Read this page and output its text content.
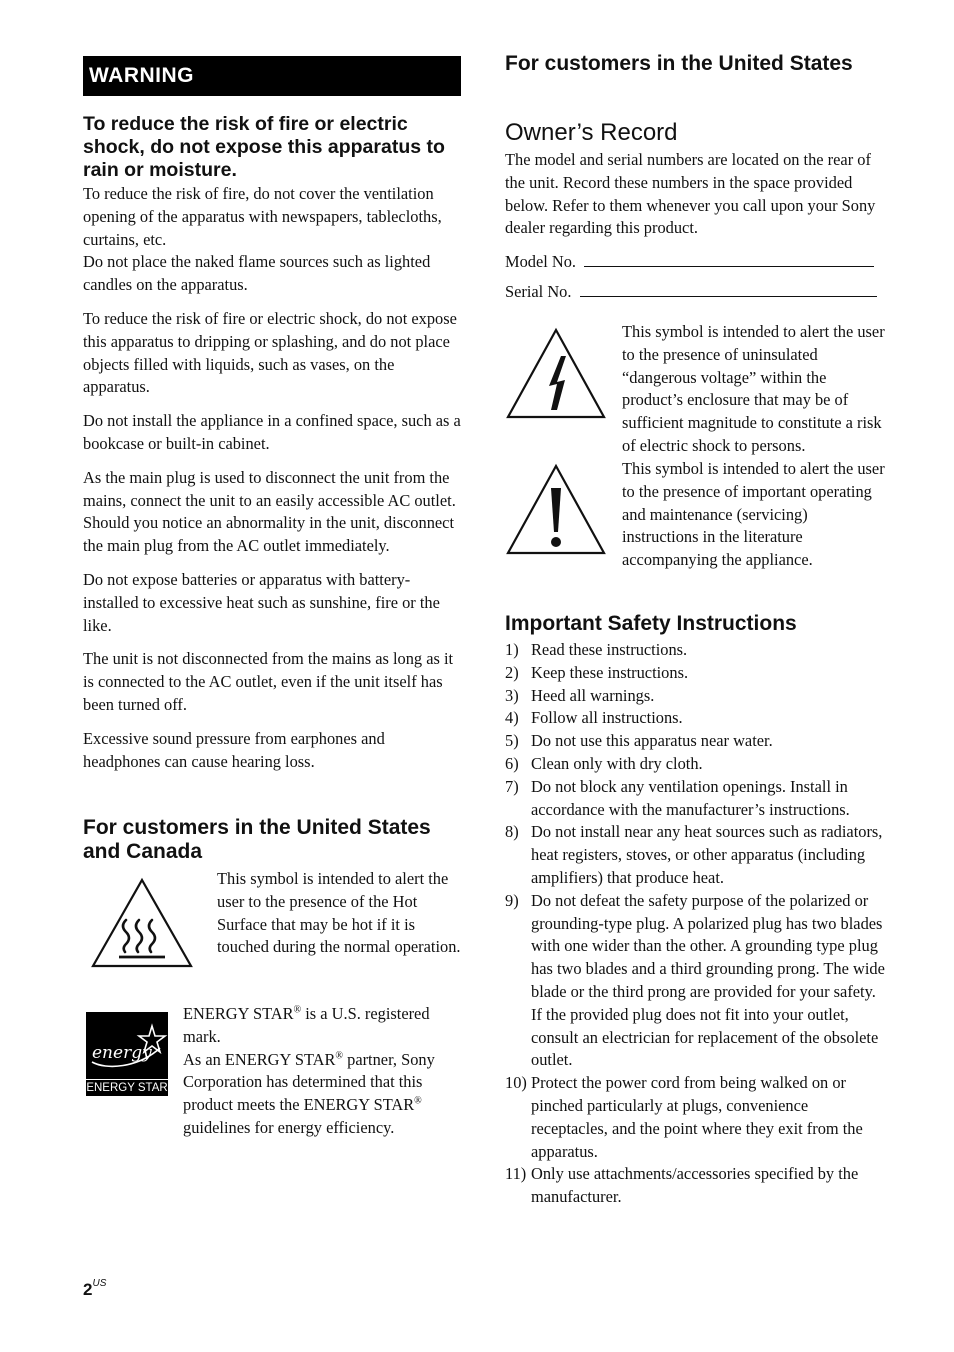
WARNING

To reduce the risk of fire or electric shock, do not expose this apparatus to rain or moisture.

To reduce the risk of fire, do not cover the ventilation opening of the apparatus with newspapers, tablecloths, curtains, etc.

Do not place the naked flame sources such as lighted candles on the apparatus.

To reduce the risk of fire or electric shock, do not expose this apparatus to dripping or splashing, and do not place objects filled with liquids, such as vases, on the apparatus.

Do not install the appliance in a confined space, such as a bookcase or built-in cabinet.

As the main plug is used to disconnect the unit from the mains, connect the unit to an easily accessible AC outlet. Should you notice an abnormality in the unit, disconnect the main plug from the AC outlet immediately.

Do not expose batteries or apparatus with battery-installed to excessive heat such as sunshine, fire or the like.

The unit is not disconnected from the mains as long as it is connected to the AC outlet, even if the unit itself has been turned off.

Excessive sound pressure from earphones and headphones can cause hearing loss.

For customers in the United States and Canada

This symbol is intended to alert the user to the presence of the Hot Surface that may be hot if it is touched during the normal operation.

energy
ENERGY STAR

ENERGY STAR® is a U.S. registered mark.

As an ENERGY STAR® partner, Sony Corporation has determined that this product meets the ENERGY STAR® guidelines for energy efficiency.

$2^{US}$

For customers in the United States

Owner’s Record

The model and serial numbers are located on the rear of the unit. Record these numbers in the space provided below. Refer to them whenever you call upon your Sony dealer regarding this product.

Model No.
Serial No.

This symbol is intended to alert the user to the presence of uninsulated “dangerous voltage” within the product’s enclosure that may be of sufficient magnitude to constitute a risk of electric shock to persons.

This symbol is intended to alert the user to the presence of important operating and maintenance (servicing) instructions in the literature accompanying the appliance.

Important Safety Instructions

1) Read these instructions.
2) Keep these instructions.
3) Heed all warnings.
4) Follow all instructions.
5) Do not use this apparatus near water.
6) Clean only with dry cloth.
7) Do not block any ventilation openings. Install in accordance with the manufacturer’s instructions.
8) Do not install near any heat sources such as radiators, heat registers, stoves, or other apparatus (including amplifiers) that produce heat.
9) Do not defeat the safety purpose of the polarized or grounding-type plug. A polarized plug has two blades with one wider than the other. A grounding type plug has two blades and a third grounding prong. The wide blade or the third prong are provided for your safety. If the provided plug does not fit into your outlet, consult an electrician for replacement of the obsolete outlet.
10) Protect the power cord from being walked on or pinched particularly at plugs, convenience receptacles, and the point where they exit from the apparatus.
11) Only use attachments/accessories specified by the manufacturer.
